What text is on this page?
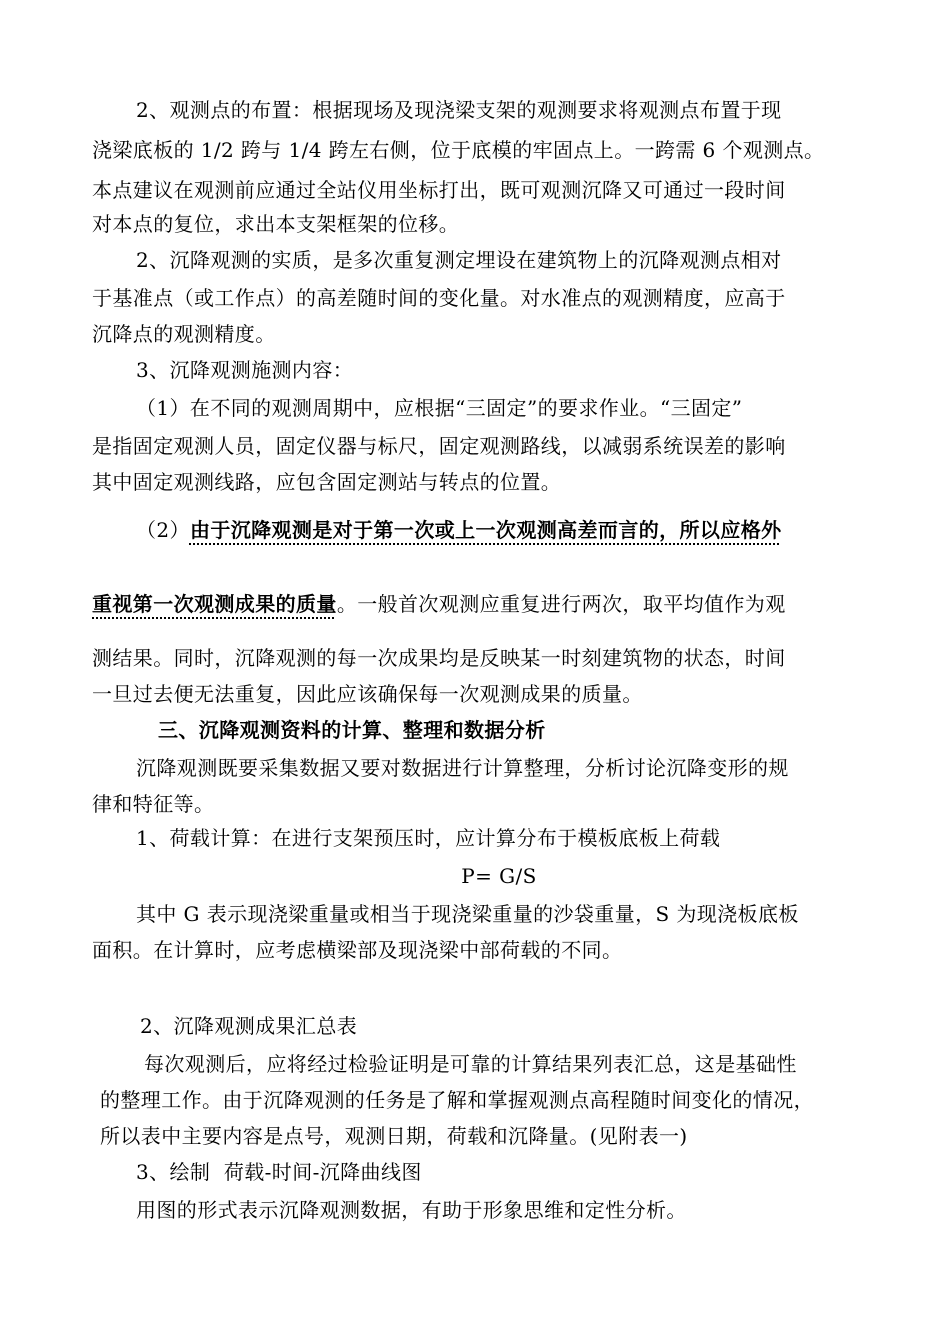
2、观测点的布置：根据现场及现浇梁支架的观测要求将观测点布置于现
浇梁底板的 1/2 跨与 1/4 跨左右侧，位于底模的牢固点上。一跨需 6 个观测点。
本点建议在观测前应通过全站仪用坐标打出，既可观测沉降又可通过一段时间
对本点的复位，求出本支架框架的位移。
2、沉降观测的实质，是多次重复测定埋设在建筑物上的沉降观测点相对
于基准点（或工作点）的高差随时间的变化量。对水准点的观测精度，应高于
沉降点的观测精度。
3、沉降观测施测内容：
（1）在不同的观测周期中，应根据“三固定”的要求作业。“三固定”
是指固定观测人员，固定仪器与标尺，固定观测路线，以减弱系统误差的影响
其中固定观测线路，应包含固定测站与转点的位置。
（2）由于沉降观测是对于第一次或上一次观测高差而言的，所以应格外
重视第一次观测成果的质量。一般首次观测应重复进行两次，取平均值作为观
测结果。同时，沉降观测的每一次成果均是反映某一时刻建筑物的状态，时间
一旦过去便无法重复，因此应该确保每一次观测成果的质量。
三、沉降观测资料的计算、整理和数据分析
沉降观测既要采集数据又要对数据进行计算整理，分析讨论沉降变形的规
律和特征等。
1、荷载计算：在进行支架预压时，应计算分布于模板底板上荷载
P= G/S
其中 G 表示现浇梁重量或相当于现浇梁重量的沙袋重量，S 为现浇板底板
面积。在计算时，应考虑横梁部及现浇梁中部荷载的不同。
2、沉降观测成果汇总表
每次观测后，应将经过检验证明是可靠的计算结果列表汇总，这是基础性
的整理工作。由于沉降观测的任务是了解和掌握观测点高程随时间变化的情况，
所以表中主要内容是点号，观测日期，荷载和沉降量。(见附表一)
3、绘制  荷载-时间-沉降曲线图
用图的形式表示沉降观测数据，有助于形象思维和定性分析。
